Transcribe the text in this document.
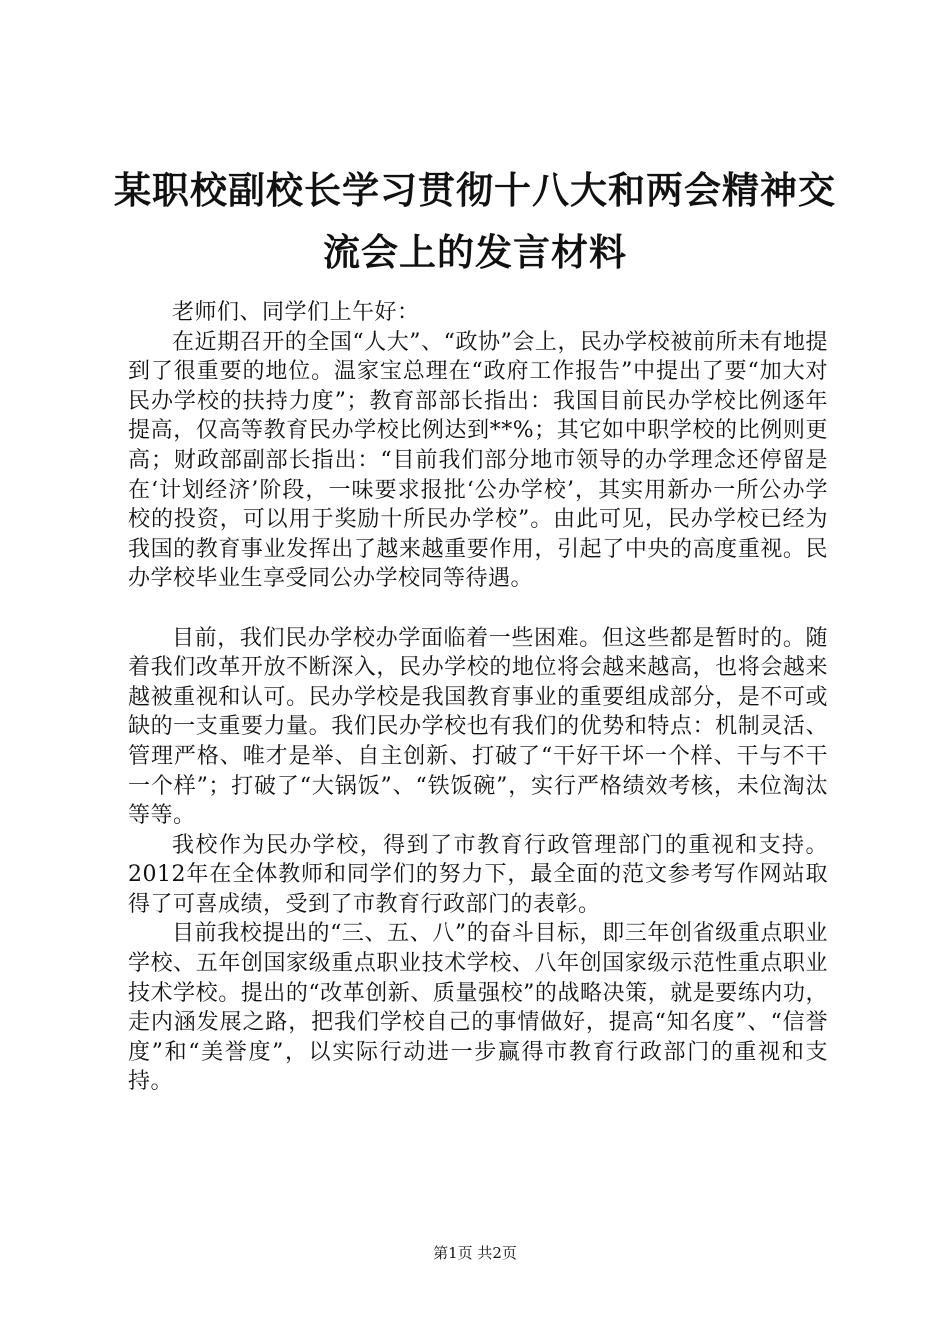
某职校副校长学习贯彻十八大和两会精神交流会上的发言材料

老师们、同学们上午好：

在近期召开的全国“人大”、“政协”会上，民办学校被前所未有地提到了很重要的地位。温家宝总理在“政府工作报告”中提出了要“加大对民办学校的扶持力度”；教育部部长指出：我国目前民办学校比例逐年提高，仅高等教育民办学校比例达到**%；其它如中职学校的比例则更高；财政部副部长指出：“目前我们部分地市领导的办学理念还停留是在‘计划经济’阶段，一味要求报批‘公办学校’，其实用新办一所公办学校的投资，可以用于奖励十所民办学校”。由此可见，民办学校已经为我国的教育事业发挥出了越来越重要作用，引起了中央的高度重视。民办学校毕业生享受同公办学校同等待遇。

目前，我们民办学校办学面临着一些困难。但这些都是暂时的。随着我们改革开放不断深入，民办学校的地位将会越来越高，也将会越来越被重视和认可。民办学校是我国教育事业的重要组成部分，是不可或缺的一支重要力量。我们民办学校也有我们的优势和特点：机制灵活、管理严格、唯才是举、自主创新、打破了“干好干坏一个样、干与不干一个样”；打破了“大锅饭”、“铁饭碗”，实行严格绩效考核，未位淘汰等等。

我校作为民办学校，得到了市教育行政管理部门的重视和支持。2012年在全体教师和同学们的努力下，最全面的范文参考写作网站取得了可喜成绩，受到了市教育行政部门的表彰。

目前我校提出的“三、五、八”的奋斗目标，即三年创省级重点职业学校、五年创国家级重点职业技术学校、八年创国家级示范性重点职业技术学校。提出的“改革创新、质量强校”的战略决策，就是要练内功，走内涵发展之路，把我们学校自己的事情做好，提高“知名度”、“信誉度”和“美誉度”，以实际行动进一步赢得市教育行政部门的重视和支持。

第1页 共2页
